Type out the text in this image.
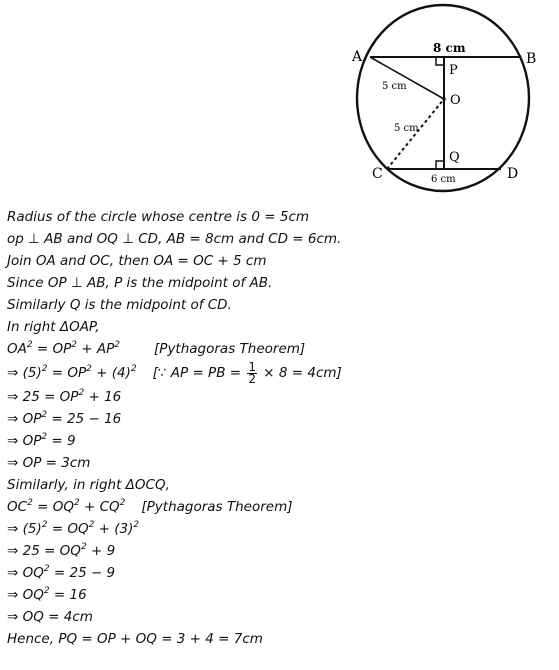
A	B
C	D
O
P
Q
8 cm
6 cm
5 cm
5 cm
Radius of the circle whose centre is 0 = 5cm
op ⊥ AB and OQ ⊥ CD, AB = 8cm and CD = 6cm.
Join OA and OC, then OA = OC + 5 cm
Since OP ⊥ AB, P is the midpoint of AB.
Similarly Q is the midpoint of CD.
In right ΔOAP,
$OA^2 = OP^2 + AP^2$	[Pythagoras Theorem]
⇒ $(5)^2 = OP^2 + (4)^2$ [∵ AP = PB = $\frac{1}{2} \times 8 = 4cm$]
⇒ $25 = OP^2 + 16$
⇒ $OP^2 = 25 - 16$
⇒ $OP^2 = 9$
⇒ OP = 3cm
Similarly, in right ΔOCQ,
$OC^2 = OQ^2 + CQ^2$ [Pythagoras Theorem]
⇒ $(5)^2 = OQ^2 + (3)^2$
⇒ $25 = OQ^2 + 9$
⇒ $OQ^2 = 25 - 9$
⇒ $OQ^2 = 16$
⇒ OQ = 4cm
Hence, PQ = OP + OQ = 3 + 4 = 7cm
